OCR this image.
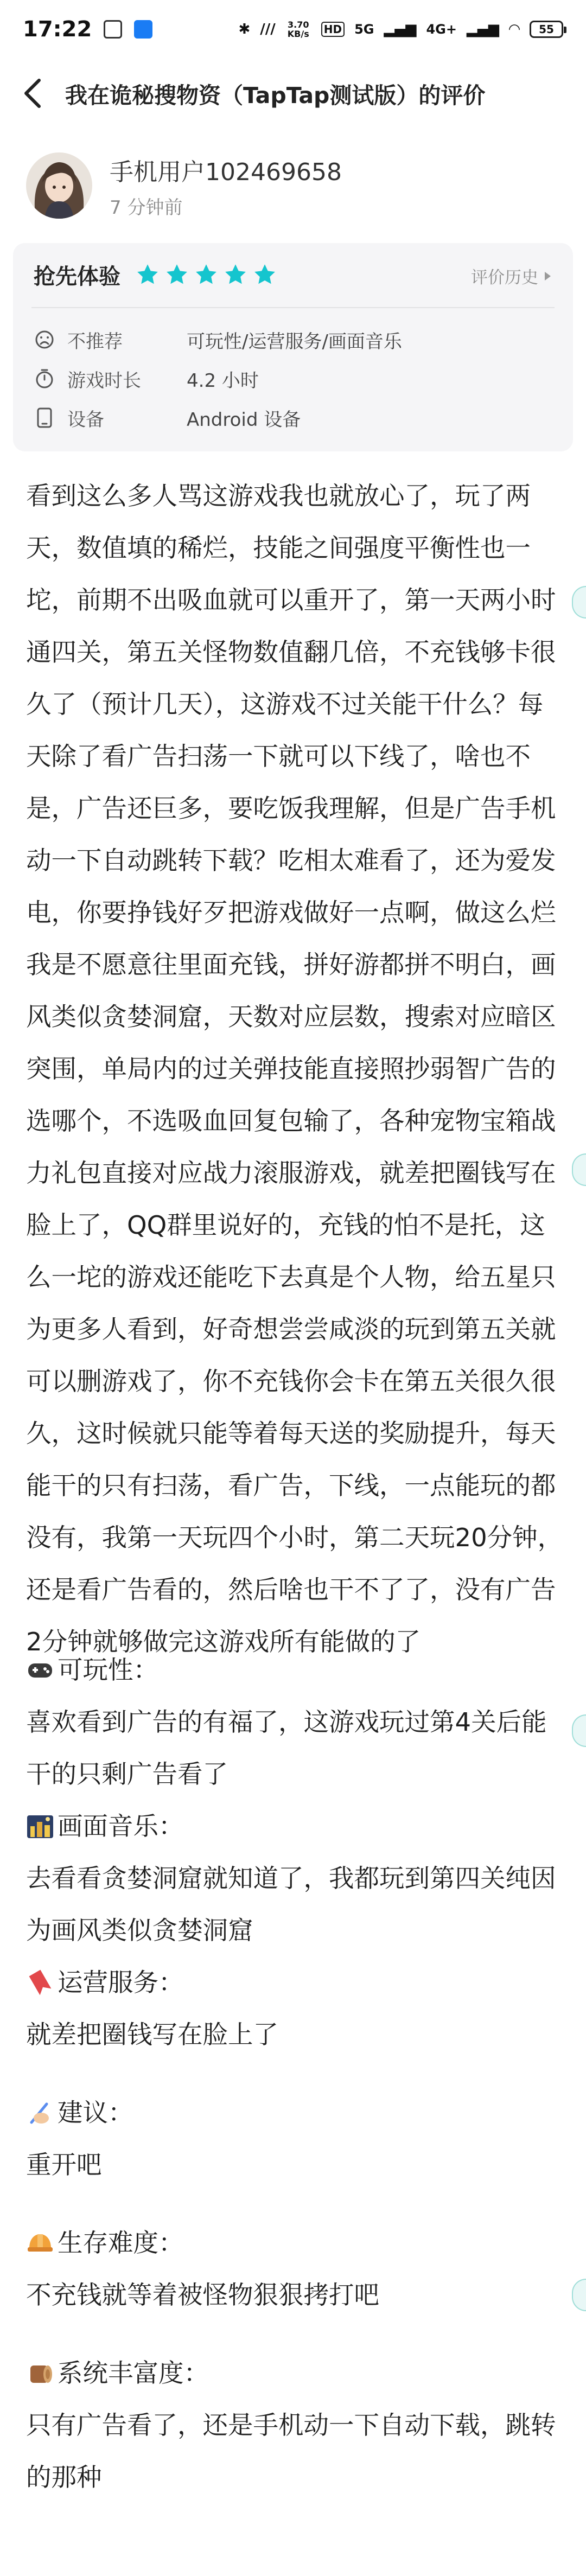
17:22	✱ /// 3.70 KB/s HD 5G ▂▄▆ 4G+ ▂▄▆ ◠	55
我在诡秘搜物资（TapTap测试版）的评价
手机用户102469658
7 分钟前
抢先体验	评价历史
不推荐	可玩性/运营服务/画面音乐
游戏时长	4.2 小时
设备	Android 设备
看到这么多人骂这游戏我也就放心了，玩了两天，数值填的稀烂，技能之间强度平衡性也一坨，前期不出吸血就可以重开了，第一天两小时通四关，第五关怪物数值翻几倍，不充钱够卡很久了（预计几天），这游戏不过关能干什么？每天除了看广告扫荡一下就可以下线了，啥也不是，广告还巨多，要吃饭我理解，但是广告手机动一下自动跳转下载？吃相太难看了，还为爱发电，你要挣钱好歹把游戏做好一点啊，做这么烂我是不愿意往里面充钱，拼好游都拼不明白，画风类似贪婪洞窟，天数对应层数，搜索对应暗区突围，单局内的过关弹技能直接照抄弱智广告的选哪个，不选吸血回复包输了，各种宠物宝箱战力礼包直接对应战力滚服游戏，就差把圈钱写在脸上了，QQ群里说好的，充钱的怕不是托，这么一坨的游戏还能吃下去真是个人物，给五星只为更多人看到，好奇想尝尝咸淡的玩到第五关就可以删游戏了，你不充钱你会卡在第五关很久很久，这时候就只能等着每天送的奖励提升，每天能干的只有扫荡，看广告，下线，一点能玩的都没有，我第一天玩四个小时，第二天玩20分钟，还是看广告看的，然后啥也干不了了，没有广告2分钟就够做完这游戏所有能做的了
可玩性：
喜欢看到广告的有福了，这游戏玩过第4关后能干的只剩广告看了
画面音乐：
去看看贪婪洞窟就知道了，我都玩到第四关纯因为画风类似贪婪洞窟
运营服务：
就差把圈钱写在脸上了
建议：
重开吧
生存难度：
不充钱就等着被怪物狠狠拷打吧
系统丰富度：
只有广告看了，还是手机动一下自动下载，跳转的那种
